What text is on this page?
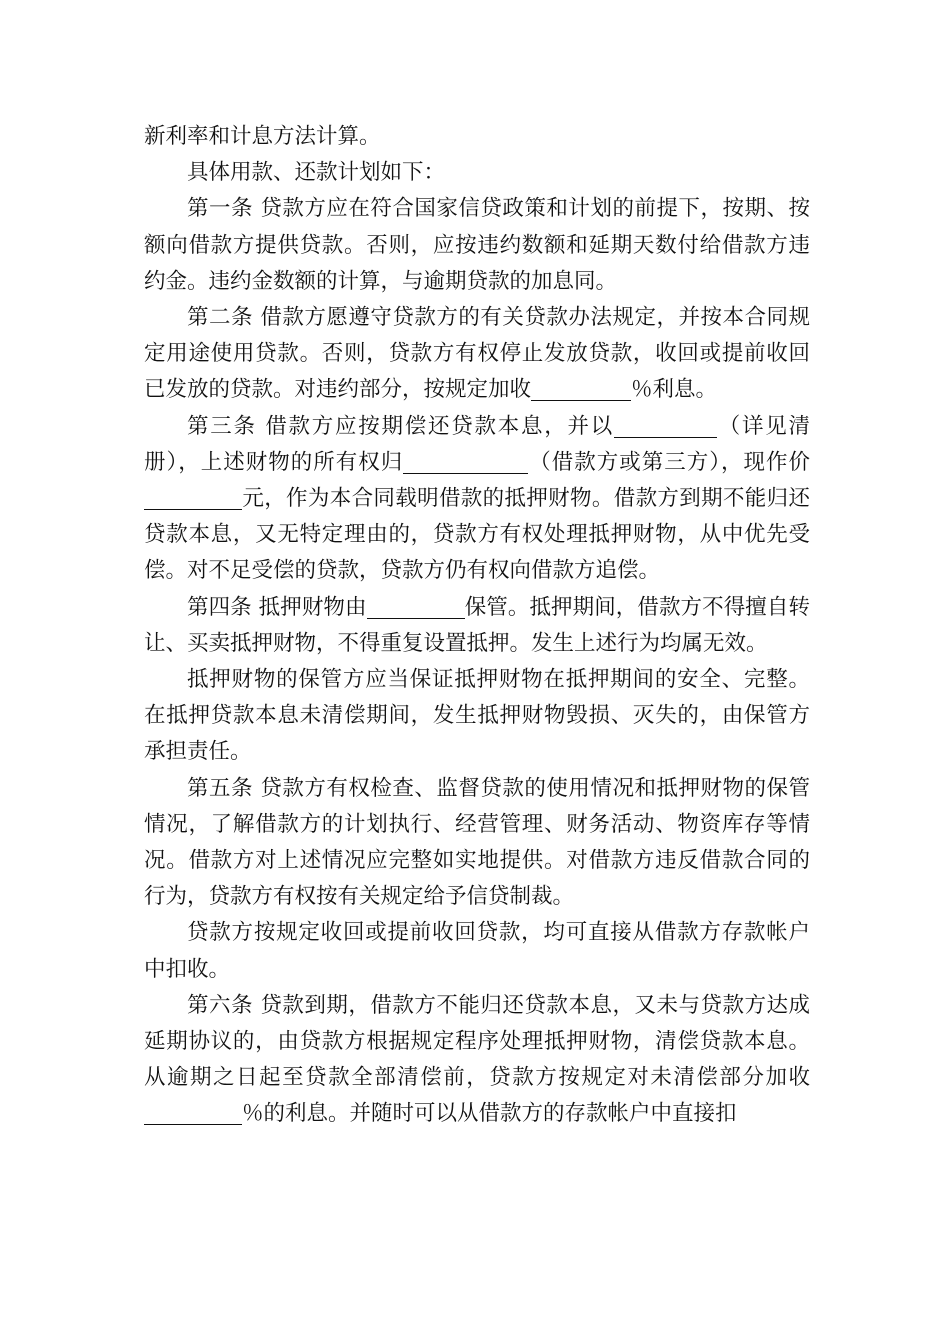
新利率和计息方法计算。

具体用款、还款计划如下：

第一条 贷款方应在符合国家信贷政策和计划的前提下，按期、按额向借款方提供贷款。否则，应按违约数额和延期天数付给借款方违约金。违约金数额的计算，与逾期贷款的加息同。

第二条 借款方愿遵守贷款方的有关贷款办法规定，并按本合同规定用途使用贷款。否则，贷款方有权停止发放贷款，收回或提前收回已发放的贷款。对违约部分，按规定加收	％利息。

第三条 借款方应按期偿还贷款本息，并以	（详见清册），上述财物的所有权归	（借款方或第三方），现作价元，作为本合同载明借款的抵押财物。借款方到期不能归还贷款本息，又无特定理由的，贷款方有权处理抵押财物，从中优先受偿。对不足受偿的贷款，贷款方仍有权向借款方追偿。

第四条 抵押财物由	保管。抵押期间，借款方不得擅自转让、买卖抵押财物，不得重复设置抵押。发生上述行为均属无效。

抵押财物的保管方应当保证抵押财物在抵押期间的安全、完整。在抵押贷款本息未清偿期间，发生抵押财物毁损、灭失的，由保管方承担责任。

第五条 贷款方有权检查、监督贷款的使用情况和抵押财物的保管情况，了解借款方的计划执行、经营管理、财务活动、物资库存等情况。借款方对上述情况应完整如实地提供。对借款方违反借款合同的行为，贷款方有权按有关规定给予信贷制裁。

贷款方按规定收回或提前收回贷款，均可直接从借款方存款帐户中扣收。

第六条 贷款到期，借款方不能归还贷款本息，又未与贷款方达成延期协议的，由贷款方根据规定程序处理抵押财物，清偿贷款本息。从逾期之日起至贷款全部清偿前，贷款方按规定对未清偿部分加收％的利息。并随时可以从借款方的存款帐户中直接扣
